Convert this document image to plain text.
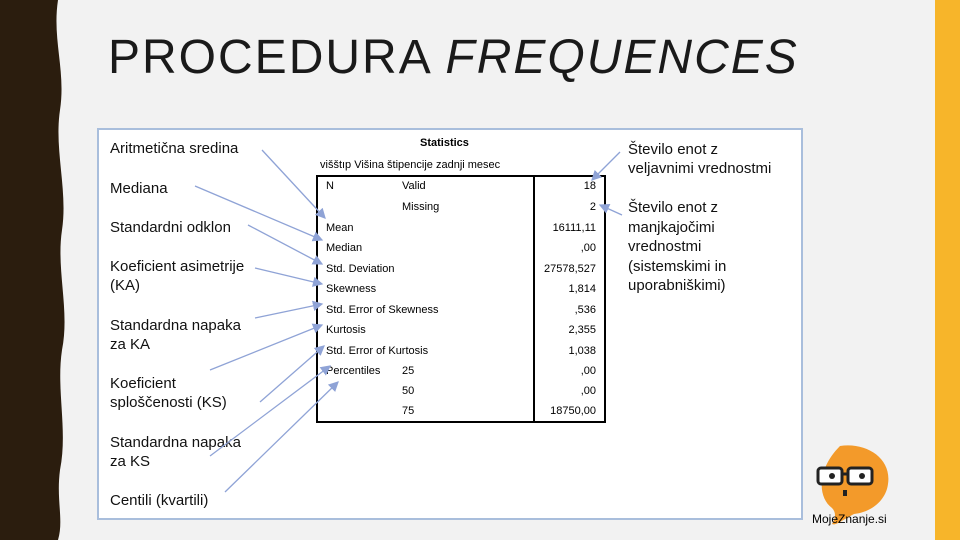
PROCEDURA FREQUENCES
Aritmetična sredina
Mediana
Standardni odklon
Koeficient asimetrije
(KA)
Standardna napaka
za KA
Koeficient
sploščenosti (KS)
Standardna napaka
za KS
Centili (kvartili)
Število enot z
veljavnimi vrednostmi
Število enot z
manjkajočimi
vrednostmi
(sistemskimi in
uporabniškimi)
Statistics
višštıp Višina štipencije zadnji mesec
N	Valid	18
Missing	2
Mean	16111,11
Median	,00
Std. Deviation	27578,527
Skewness	1,814
Std. Error of Skewness	,536
Kurtosis	2,355
Std. Error of Kurtosis	1,038
Percentiles 25	,00
50	,00
75	18750,00
MojeZnanje.si
